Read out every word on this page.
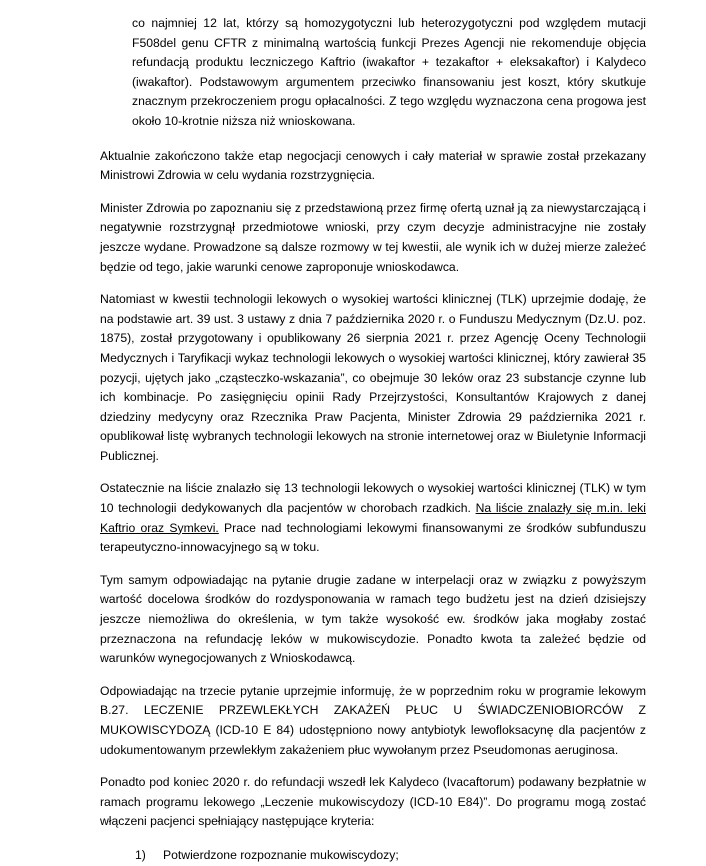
co najmniej 12 lat, którzy są homozygotyczni lub heterozygotyczni pod względem mutacji F508del genu CFTR z minimalną wartością funkcji Prezes Agencji nie rekomenduje objęcia refundacją produktu leczniczego Kaftrio (iwakaftor + tezakaftor + eleksakaftor) i Kalydeco (iwakaftor). Podstawowym argumentem przeciwko finansowaniu jest koszt, który skutkuje znacznym przekroczeniem progu opłacalności. Z tego względu wyznaczona cena progowa jest około 10-krotnie niższa niż wnioskowana.

Aktualnie zakończono także etap negocjacji cenowych i cały materiał w sprawie został przekazany Ministrowi Zdrowia w celu wydania rozstrzygnięcia.

Minister Zdrowia po zapoznaniu się z przedstawioną przez firmę ofertą uznał ją za niewystarczającą i negatywnie rozstrzygnął przedmiotowe wnioski, przy czym decyzje administracyjne nie zostały jeszcze wydane. Prowadzone są dalsze rozmowy w tej kwestii, ale wynik ich w dużej mierze zależeć będzie od tego, jakie warunki cenowe zaproponuje wnioskodawca.

Natomiast w kwestii technologii lekowych o wysokiej wartości klinicznej (TLK) uprzejmie dodaję, że na podstawie art. 39 ust. 3 ustawy z dnia 7 października 2020 r. o Funduszu Medycznym (Dz.U. poz. 1875), został przygotowany i opublikowany 26 sierpnia 2021 r. przez Agencję Oceny Technologii Medycznych i Taryfikacji wykaz technologii lekowych o wysokiej wartości klinicznej, który zawierał 35 pozycji, ujętych jako „cząsteczko-wskazania”, co obejmuje 30 leków oraz 23 substancje czynne lub ich kombinacje. Po zasięgnięciu opinii Rady Przejrzystości, Konsultantów Krajowych z danej dziedziny medycyny oraz Rzecznika Praw Pacjenta, Minister Zdrowia 29 października 2021 r. opublikował listę wybranych technologii lekowych na stronie internetowej oraz w Biuletynie Informacji Publicznej.

Ostatecznie na liście znalazło się 13 technologii lekowych o wysokiej wartości klinicznej (TLK) w tym 10 technologii dedykowanych dla pacjentów w chorobach rzadkich. Na liście znalazły się m.in. leki Kaftrio oraz Symkevi. Prace nad technologiami lekowymi finansowanymi ze środków subfunduszu terapeutyczno-innowacyjnego są w toku.

Tym samym odpowiadając na pytanie drugie zadane w interpelacji oraz w związku z powyższym wartość docelowa środków do rozdysponowania w ramach tego budżetu jest na dzień dzisiejszy jeszcze niemożliwa do określenia, w tym także wysokość ew. środków jaka mogłaby zostać przeznaczona na refundację leków w mukowiscydozie. Ponadto kwota ta zależeć będzie od warunków wynegocjowanych z Wnioskodawcą.

Odpowiadając na trzecie pytanie uprzejmie informuję, że w poprzednim roku w programie lekowym B.27. LECZENIE PRZEWLEKŁYCH ZAKAŻEŃ PŁUC U ŚWIADCZENIOBIORCÓW Z MUKOWISCYDOZĄ (ICD-10 E 84) udostępniono nowy antybiotyk lewofloksacynę dla pacjentów z udokumentowanym przewlekłym zakażeniem płuc wywołanym przez Pseudomonas aeruginosa.

Ponadto pod koniec 2020 r. do refundacji wszedł lek Kalydeco (Ivacaftorum) podawany bezpłatnie w ramach programu lekowego „Leczenie mukowiscydozy (ICD-10 E84)”. Do programu mogą zostać włączeni pacjenci spełniający następujące kryteria:

1)	Potwierdzone rozpoznanie mukowiscydozy;
